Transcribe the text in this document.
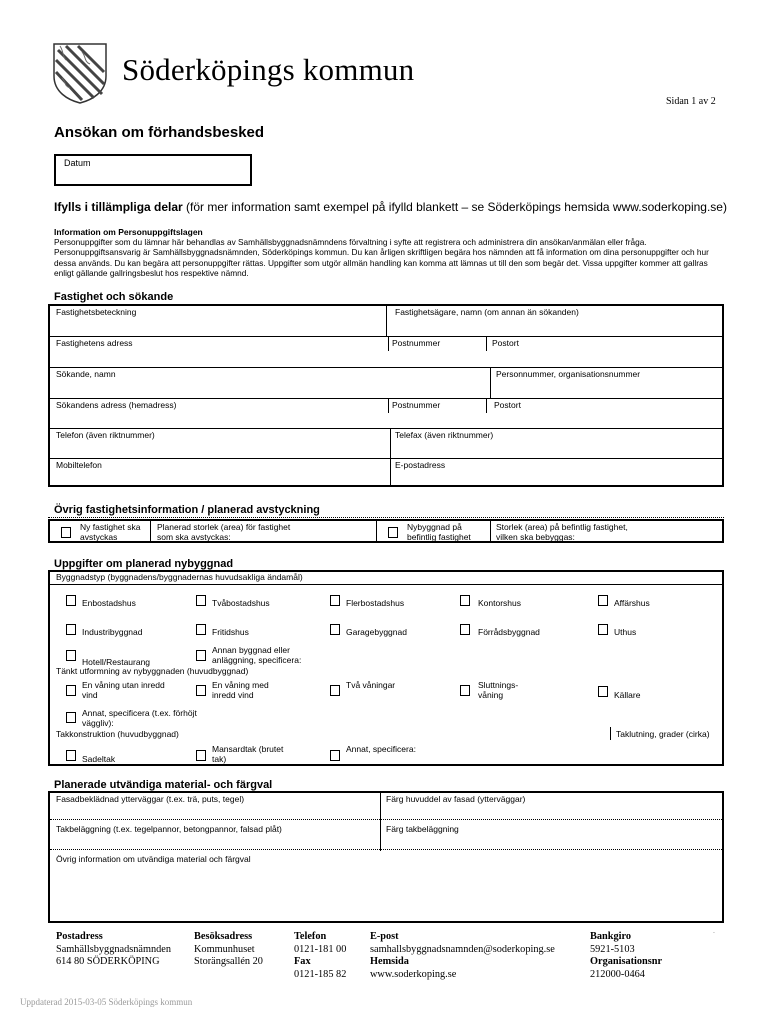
Söderköpings kommun
Sidan 1 av 2
Ansökan om förhandsbesked
Datum
Ifylls i tillämpliga delar (för mer information samt exempel på ifylld blankett – se Söderköpings hemsida www.soderkoping.se)
Information om Personuppgiftslagen
Personuppgifter som du lämnar här behandlas av Samhällsbyggnadsnämndens förvaltning i syfte att registrera och administrera din ansökan/anmälan eller fråga. Personuppgiftsansvarig är Samhällsbyggnadsnämnden, Söderköpings kommun. Du kan årligen skriftligen begära hos nämnden att få information om dina personuppgifter och hur dessa används. Du kan begära att personuppgifter rättas. Uppgifter som utgör allmän handling kan komma att lämnas ut till den som begär det. Vissa uppgifter kommer att gallras enligt gällande gallringsbeslut hos respektive nämnd.
Fastighet och sökande
Fastighetsbeteckning	Fastighetsägare, namn (om annan än sökanden)
Fastighetens adress	Postnummer	Postort
Sökande, namn	Personnummer, organisationsnummer
Sökandens adress (hemadress)	Postnummer	Postort
Telefon (även riktnummer)	Telefax (även riktnummer)
Mobiltelefon	E-postadress
Övrig fastighetsinformation / planerad avstyckning
Ny fastighet ska avstyckas
Planerad storlek (area) för fastighet som ska avstyckas:
Nybyggnad på befintlig fastighet
Storlek (area) på befintlig fastighet, vilken ska bebyggas:
Uppgifter om planerad nybyggnad
Byggnadstyp (byggnadens/byggnadernas huvudsakliga ändamål)
Enbostadshus	Tvåbostadshus	Flerbostadshus	Kontorshus	Affärshus
Industribyggnad	Fritidshus	Garagebyggnad	Förrådsbyggnad	Uthus
Hotell/Restaurang
Annan byggnad eller anläggning, specificera:
Tänkt utformning av nybyggnaden (huvudbyggnad)
En våning utan inredd vind
En våning med inredd vind
Två våningar	Sluttnings-våning	Källare
Annat, specificera (t.ex. förhöjt väggliv):
Takkonstruktion (huvudbyggnad)	Taklutning, grader (cirka)
Sadeltak
Mansardtak (brutet tak)
Annat, specificera:
Planerade utvändiga material- och färgval
Fasadbeklädnad ytterväggar (t.ex. trä, puts, tegel)	Färg huvuddel av fasad (ytterväggar)
Takbeläggning (t.ex. tegelpannor, betongpannor, falsad plåt)	Färg takbeläggning
Övrig information om utvändiga material och färgval
.
Postadress
Samhällsbyggnadsnämnden
614 80 SÖDERKÖPING
Besöksadress
Kommunhuset
Storängsallén 20
Telefon
0121-181 00
Fax
0121-185 82
E-post
samhallsbyggnadsnamnden@soderkoping.se
Hemsida
www.soderkoping.se
Bankgiro
5921-5103
Organisationsnr
212000-0464
Uppdaterad 2015-03-05 Söderköpings kommun
